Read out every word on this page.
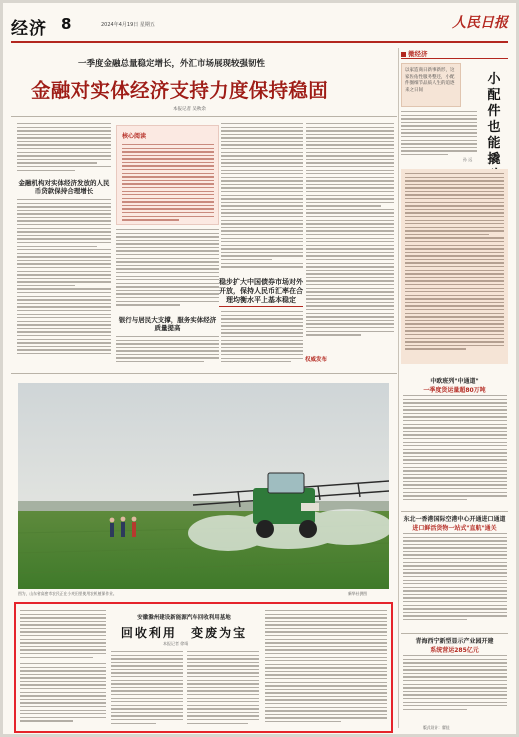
经济 8	2024年4月19日 星期五	人民日报
一季度金融总量稳定增长，外汇市场展现较强韧性
金融对实体经济支持力度保持稳固
本报记者 吴秋余
金融机构对实体经济发放的人民币贷款保持合理增长
核心阅读
银行与居民大支撑，服务实体经济质量提高
稳步扩大中国债券市场对外开放，保持人民币汇率在合理均衡水平上基本稳定
权威发布
微经济
以家造商日新事新形，这家佐佑性服务整还，小配件圈细节品质人生的追逐来之日间
小配件也能撬
孙 远
中欧班列"中通道"
一季度货运量超80万吨
东北一香港国际空港中心开通进口通道
进口鲜活货物一站式"直航"通关
青海西宁新型显示产业园开建
系统营运285亿元
图为，山东省高密市农民正在小麦田里使用农机植保作业。	新华社供图
安徽滁州建设新能源汽车回收利用基地
回收利用 变废为宝
本报记者 徐靖
版式设计：翟佳
